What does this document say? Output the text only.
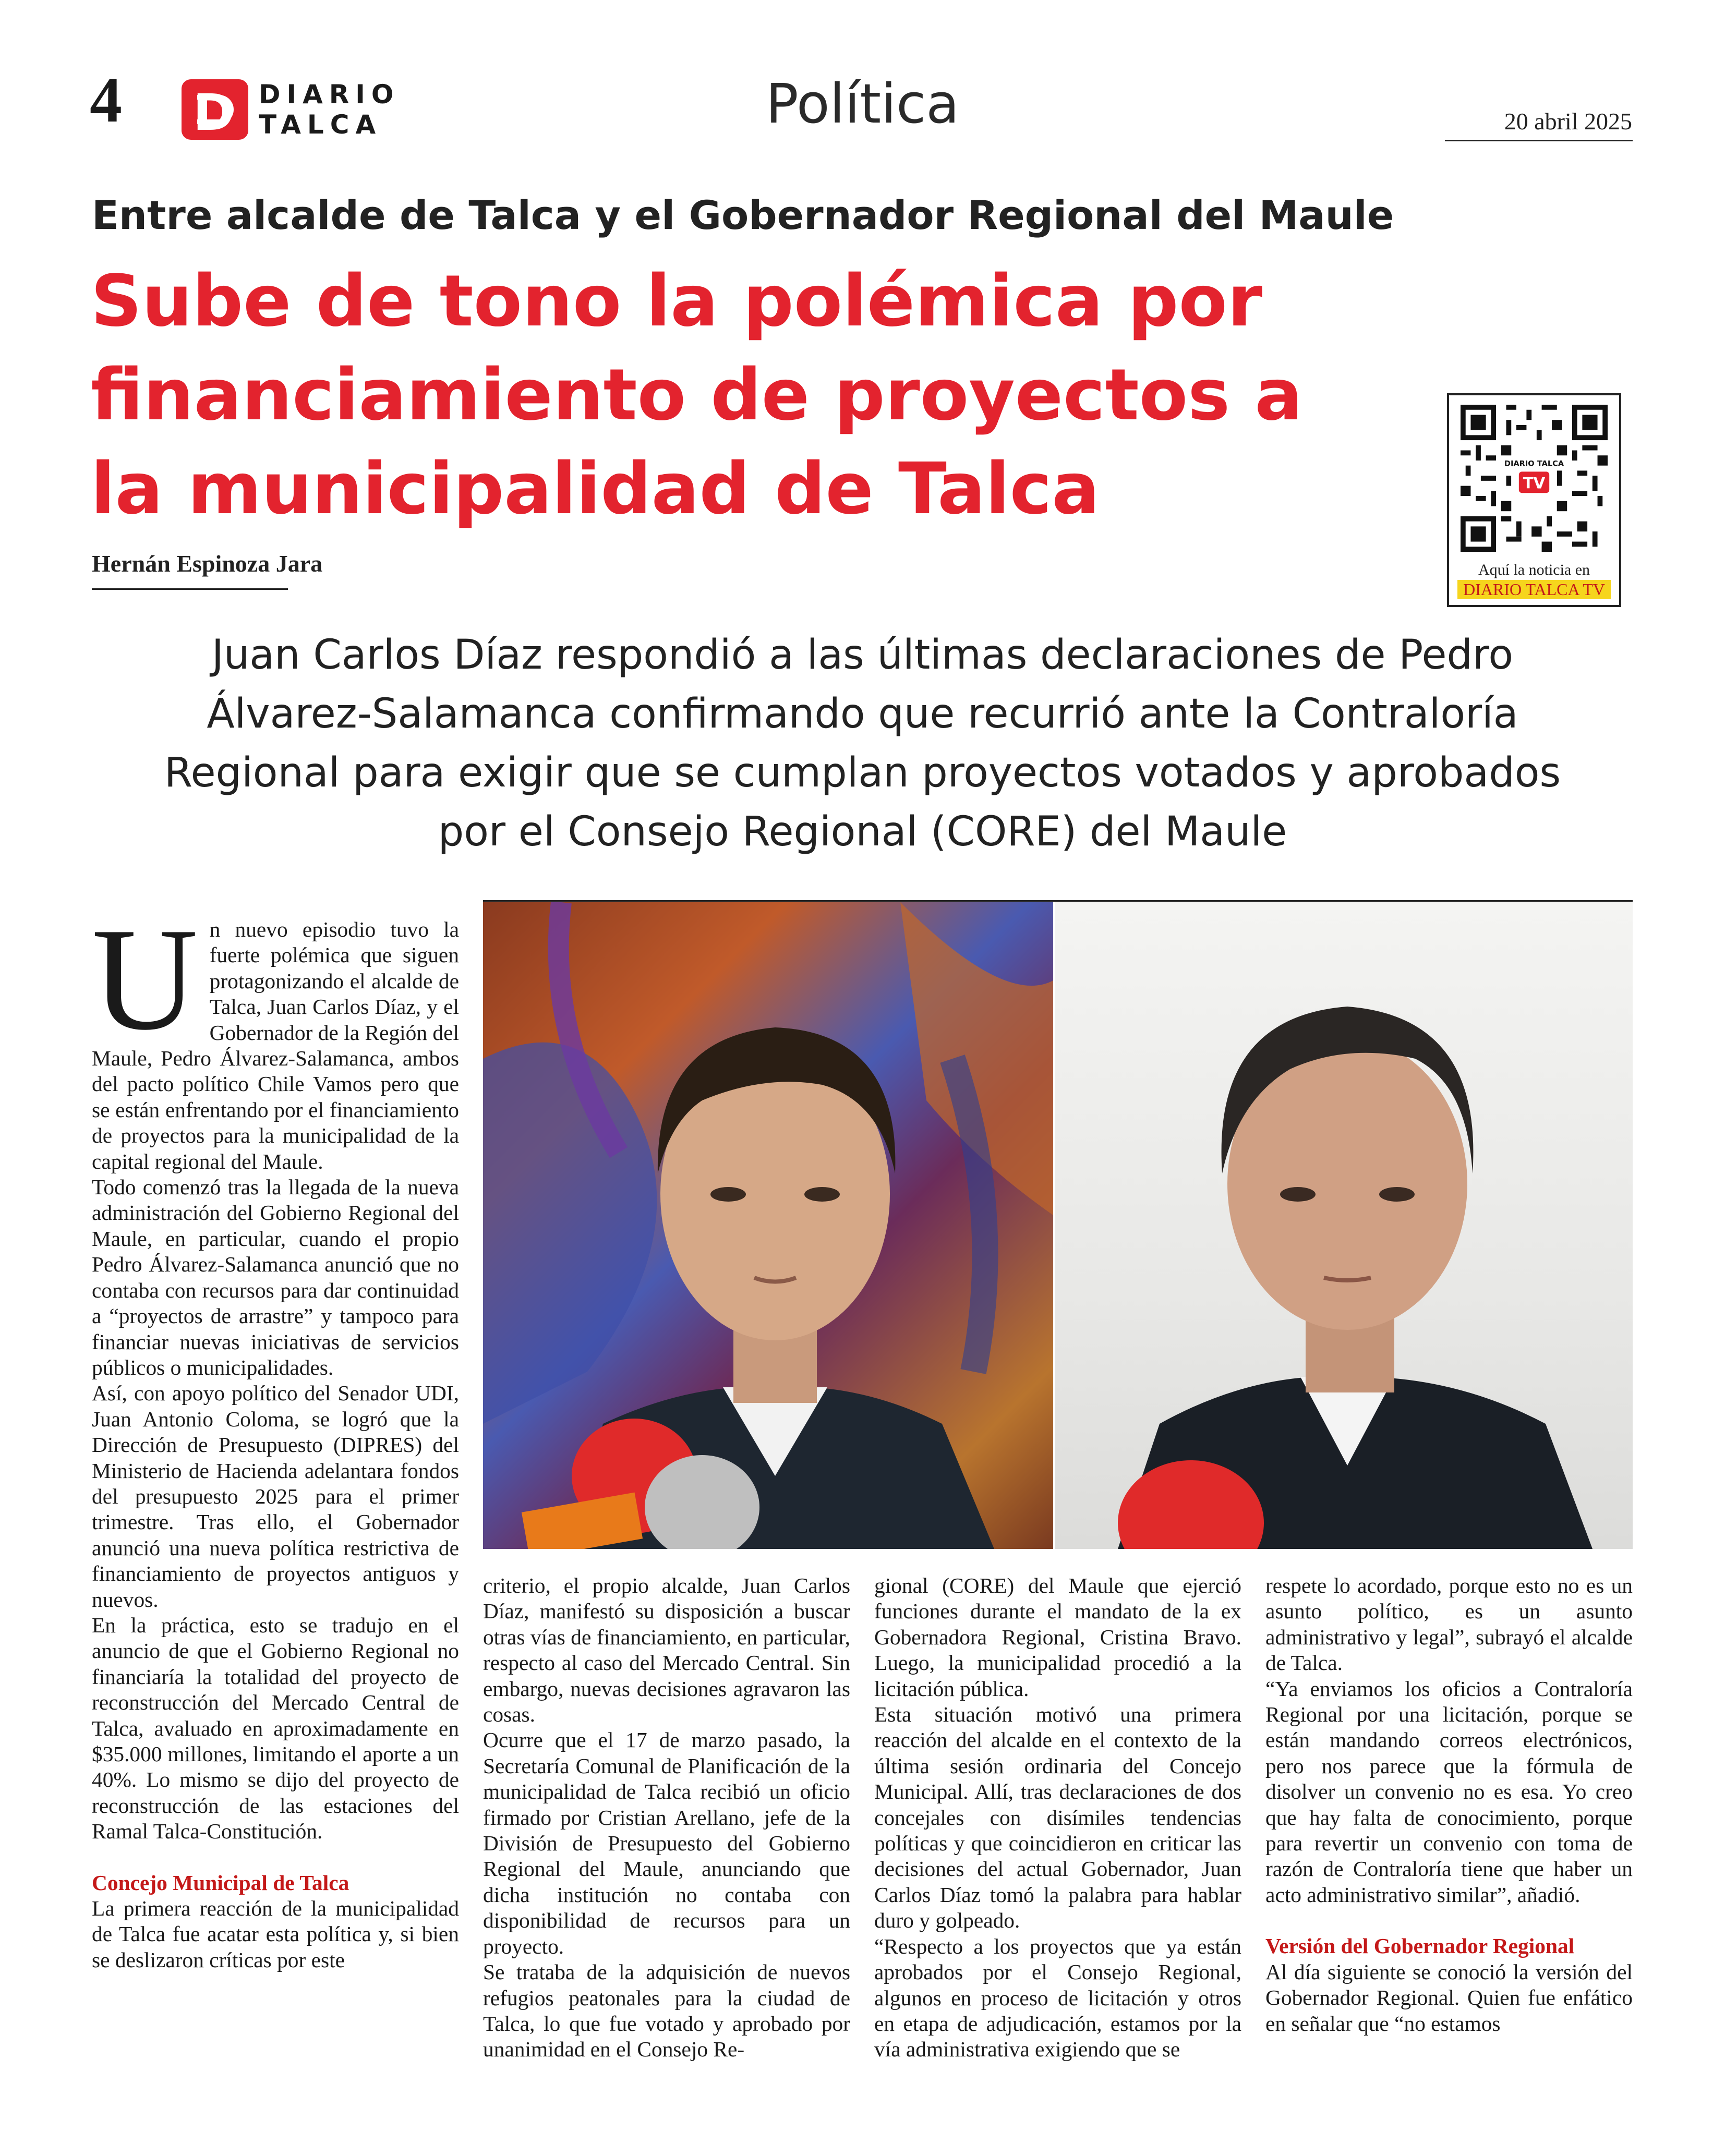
4 D DIARIO
TALCA	Política	20 abril 2025
Entre alcalde de Talca y el Gobernador Regional del Maule
Sube de tono la polémica por
financiamiento de proyectos a
la municipalidad de Talca	DIARIO TALCA
TV
Aquí la noticia en
DIARIO TALCA TV
Hernán Espinoza Jara
Juan Carlos Díaz respondió a las últimas declaraciones de Pedro
Álvarez-Salamanca confirmando que recurrió ante la Contraloría
Regional para exigir que se cumplan proyectos votados y aprobados
por el Consejo Regional (CORE) del Maule
U n nuevo episodio tuvo la fuerte polémica que siguen protagonizando el alcalde de Talca, Juan Carlos Díaz, y el Gobernador de la Región del Maule, Pedro Álvarez-Salamanca, ambos del pacto político Chile Vamos pero que se están enfrentando por el financiamiento de proyectos para la municipalidad de la capital regional del Maule.

Todo comenzó tras la llegada de la nueva administración del Gobierno Regional del Maule, en particular, cuando el propio Pedro Álvarez-Salamanca anunció que no contaba con recursos para dar continuidad a “proyectos de arrastre” y tampoco para financiar nuevas iniciativas de servicios públicos o municipalidades.

Así, con apoyo político del Senador UDI, Juan Antonio Coloma, se logró que la Dirección de Presupuesto (DIPRES) del Ministerio de Hacienda adelantara fondos del presupuesto 2025 para el primer trimestre. Tras ello, el Gobernador anunció una nueva política restrictiva de financiamiento de proyectos antiguos y nuevos.

En la práctica, esto se tradujo en el anuncio de que el Gobierno Regional no financiaría la totalidad del proyecto de reconstrucción del Mercado Central de Talca, avaluado en aproximadamente en $35.000 millones, limitando el aporte a un 40%. Lo mismo se dijo del proyecto de reconstrucción de las estaciones del Ramal Talca-Constitución.

Concejo Municipal de Talca

La primera reacción de la municipalidad de Talca fue acatar esta política y, si bien se deslizaron críticas por este

criterio, el propio alcalde, Juan Carlos Díaz, manifestó su disposición a buscar otras vías de financiamiento, en particular, respecto al caso del Mercado Central. Sin embargo, nuevas decisiones agravaron las cosas.

Ocurre que el 17 de marzo pasado, la Secretaría Comunal de Planificación de la municipalidad de Talca recibió un oficio firmado por Cristian Arellano, jefe de la División de Presupuesto del Gobierno Regional del Maule, anunciando que dicha institución no contaba con disponibilidad de recursos para un proyecto.

Se trataba de la adquisición de nuevos refugios peatonales para la ciudad de Talca, lo que fue votado y aprobado por unanimidad en el Consejo Re-

gional (CORE) del Maule que ejerció funciones durante el mandato de la ex Gobernadora Regional, Cristina Bravo. Luego, la municipalidad procedió a la licitación pública.

Esta situación motivó una primera reacción del alcalde en el contexto de la última sesión ordinaria del Concejo Municipal. Allí, tras declaraciones de dos concejales con disímiles tendencias políticas y que coincidieron en criticar las decisiones del actual Gobernador, Juan Carlos Díaz tomó la palabra para hablar duro y golpeado.

“Respecto a los proyectos que ya están aprobados por el Consejo Regional, algunos en proceso de licitación y otros en etapa de adjudicación, estamos por la vía administrativa exigiendo que se

respete lo acordado, porque esto no es un asunto político, es un asunto administrativo y legal”, subrayó el alcalde de Talca.

“Ya enviamos los oficios a Contraloría Regional por una licitación, porque se están mandando correos electrónicos, pero nos parece que la fórmula de disolver un convenio no es esa. Yo creo que hay falta de conocimiento, porque para revertir un convenio con toma de razón de Contraloría tiene que haber un acto administrativo similar”, añadió.

Versión del Gobernador Regional

Al día siguiente se conoció la versión del Gobernador Regional. Quien fue enfático en señalar que “no estamos
